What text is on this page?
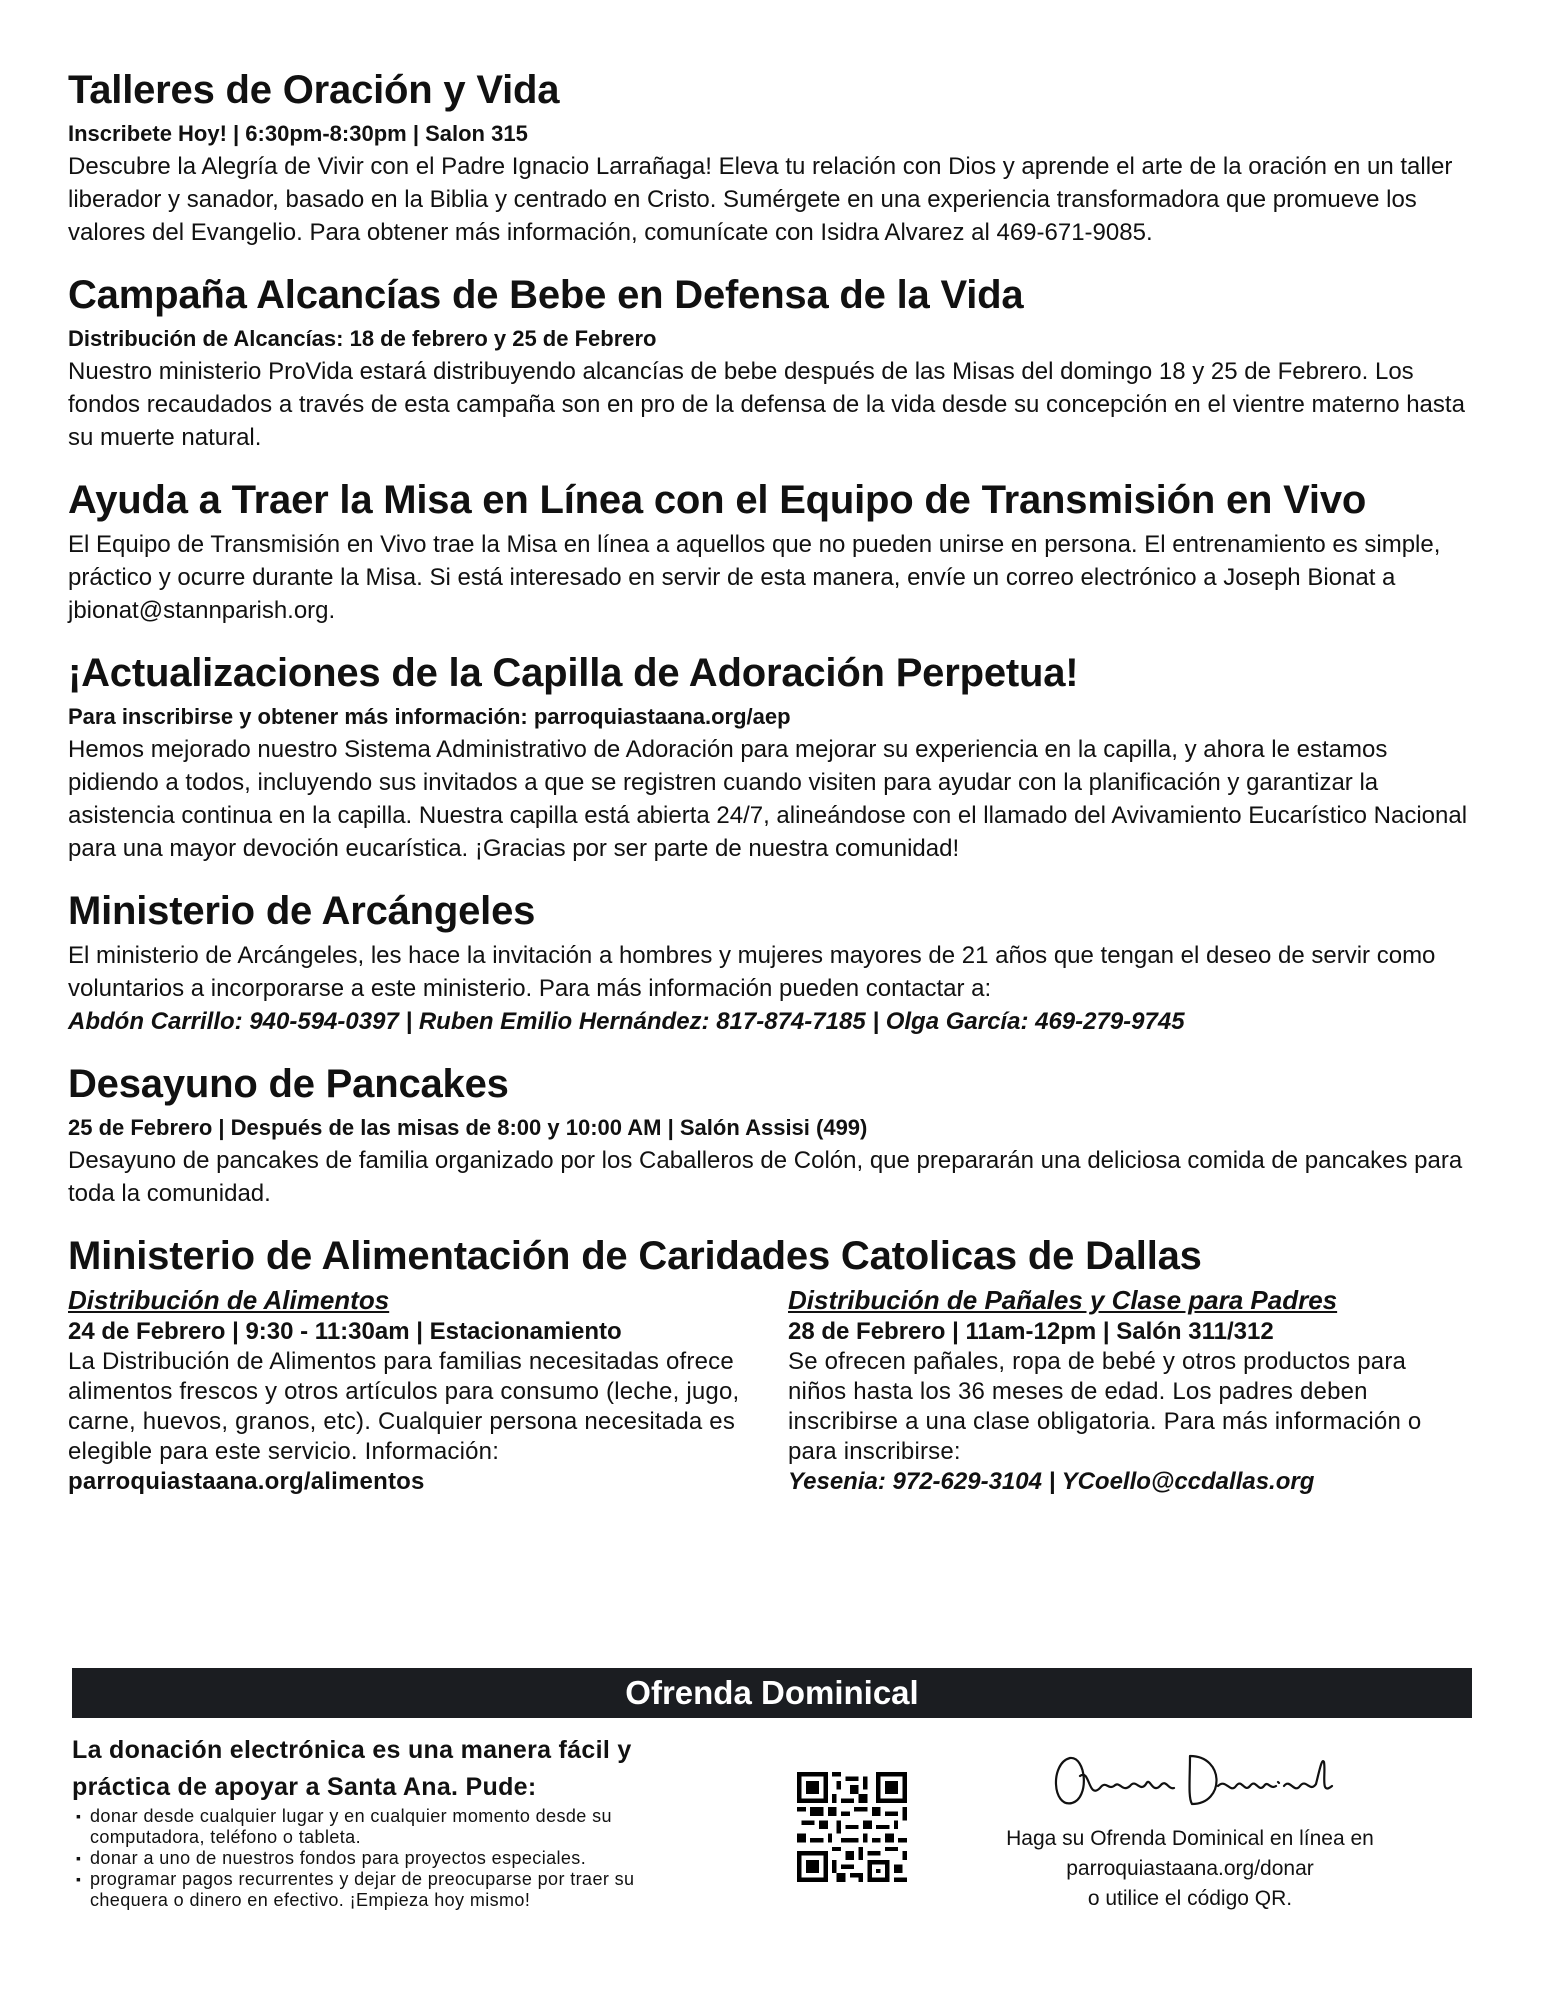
Talleres de Oración y Vida
Inscribete Hoy! | 6:30pm-8:30pm | Salon 315

Descubre la Alegría de Vivir con el Padre Ignacio Larrañaga! Eleva tu relación con Dios y aprende el arte de la oración en un taller liberador y sanador, basado en la Biblia y centrado en Cristo. Sumérgete en una experiencia transformadora que promueve los valores del Evangelio. Para obtener más información, comunícate con Isidra Alvarez al 469-671-9085.

Campaña Alcancías de Bebe en Defensa de la Vida
Distribución de Alcancías: 18 de febrero y 25 de Febrero

Nuestro ministerio ProVida estará distribuyendo alcancías de bebe después de las Misas del domingo 18 y 25 de Febrero. Los fondos recaudados a través de esta campaña son en pro de la defensa de la vida desde su concepción en el vientre materno hasta su muerte natural.

Ayuda a Traer la Misa en Línea con el Equipo de Transmisión en Vivo

El Equipo de Transmisión en Vivo trae la Misa en línea a aquellos que no pueden unirse en persona. El entrenamiento es simple, práctico y ocurre durante la Misa. Si está interesado en servir de esta manera, envíe un correo electrónico a Joseph Bionat a jbionat@stannparish.org.

¡Actualizaciones de la Capilla de Adoración Perpetua!
Para inscribirse y obtener más información: parroquiastaana.org/aep

Hemos mejorado nuestro Sistema Administrativo de Adoración para mejorar su experiencia en la capilla, y ahora le estamos pidiendo a todos, incluyendo sus invitados a que se registren cuando visiten para ayudar con la planificación y garantizar la asistencia continua en la capilla. Nuestra capilla está abierta 24/7, alineándose con el llamado del Avivamiento Eucarístico Nacional para una mayor devoción eucarística. ¡Gracias por ser parte de nuestra comunidad!

Ministerio de Arcángeles

El ministerio de Arcángeles, les hace la invitación a hombres y mujeres mayores de 21 años que tengan el deseo de servir como voluntarios a incorporarse a este ministerio. Para más información pueden contactar a:

Abdón Carrillo: 940-594-0397 | Ruben Emilio Hernández: 817-874-7185 | Olga García: 469-279-9745

Desayuno de Pancakes
25 de Febrero | Después de las misas de 8:00 y 10:00 AM | Salón Assisi (499)

Desayuno de pancakes de familia organizado por los Caballeros de Colón, que prepararán una deliciosa comida de pancakes para toda la comunidad.

Ministerio de Alimentación de Caridades Catolicas de Dallas
Distribución de Alimentos
24 de Febrero | 9:30 - 11:30am | Estacionamiento

La Distribución de Alimentos para familias necesitadas ofrece alimentos frescos y otros artículos para consumo (leche, jugo, carne, huevos, granos, etc). Cualquier persona necesitada es elegible para este servicio. Información: parroquiastaana.org/alimentos

Distribución de Pañales y Clase para Padres
28 de Febrero | 11am-12pm | Salón 311/312

Se ofrecen pañales, ropa de bebé y otros productos para niños hasta los 36 meses de edad. Los padres deben inscribirse a una clase obligatoria. Para más información o para inscribirse:

Yesenia: 972-629-3104 | YCoello@ccdallas.org

Ofrenda Dominical

La donación electrónica es una manera fácil y práctica de apoyar a Santa Ana. Pude:

▪ donar desde cualquier lugar y en cualquier momento desde su computadora, teléfono o tableta.
▪ donar a uno de nuestros fondos para proyectos especiales.
▪ programar pagos recurrentes y dejar de preocuparse por traer su chequera o dinero en efectivo. ¡Empieza hoy mismo!

Haga su Ofrenda Dominical en línea en

parroquiastaana.org/donar

o utilice el código QR.
